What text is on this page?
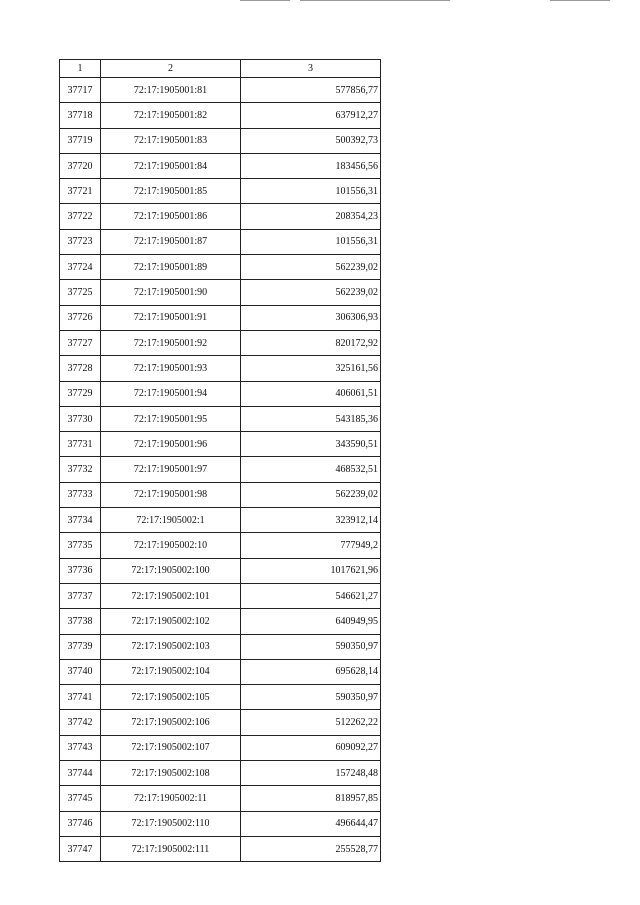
1	2	3
37717	72:17:1905001:81	577856,77
37718	72:17:1905001:82	637912,27
37719	72:17:1905001:83	500392,73
37720	72:17:1905001:84	183456,56
37721	72:17:1905001:85	101556,31
37722	72:17:1905001:86	208354,23
37723	72:17:1905001:87	101556,31
37724	72:17:1905001:89	562239,02
37725	72:17:1905001:90	562239,02
37726	72:17:1905001:91	306306,93
37727	72:17:1905001:92	820172,92
37728	72:17:1905001:93	325161,56
37729	72:17:1905001:94	406061,51
37730	72:17:1905001:95	543185,36
37731	72:17:1905001:96	343590,51
37732	72:17:1905001:97	468532,51
37733	72:17:1905001:98	562239,02
37734	72:17:1905002:1	323912,14
37735	72:17:1905002:10	777949,2
37736	72:17:1905002:100	1017621,96
37737	72:17:1905002:101	546621,27
37738	72:17:1905002:102	640949,95
37739	72:17:1905002:103	590350,97
37740	72:17:1905002:104	695628,14
37741	72:17:1905002:105	590350,97
37742	72:17:1905002:106	512262,22
37743	72:17:1905002:107	609092,27
37744	72:17:1905002:108	157248,48
37745	72:17:1905002:11	818957,85
37746	72:17:1905002:110	496644,47
37747	72:17:1905002:111	255528,77
